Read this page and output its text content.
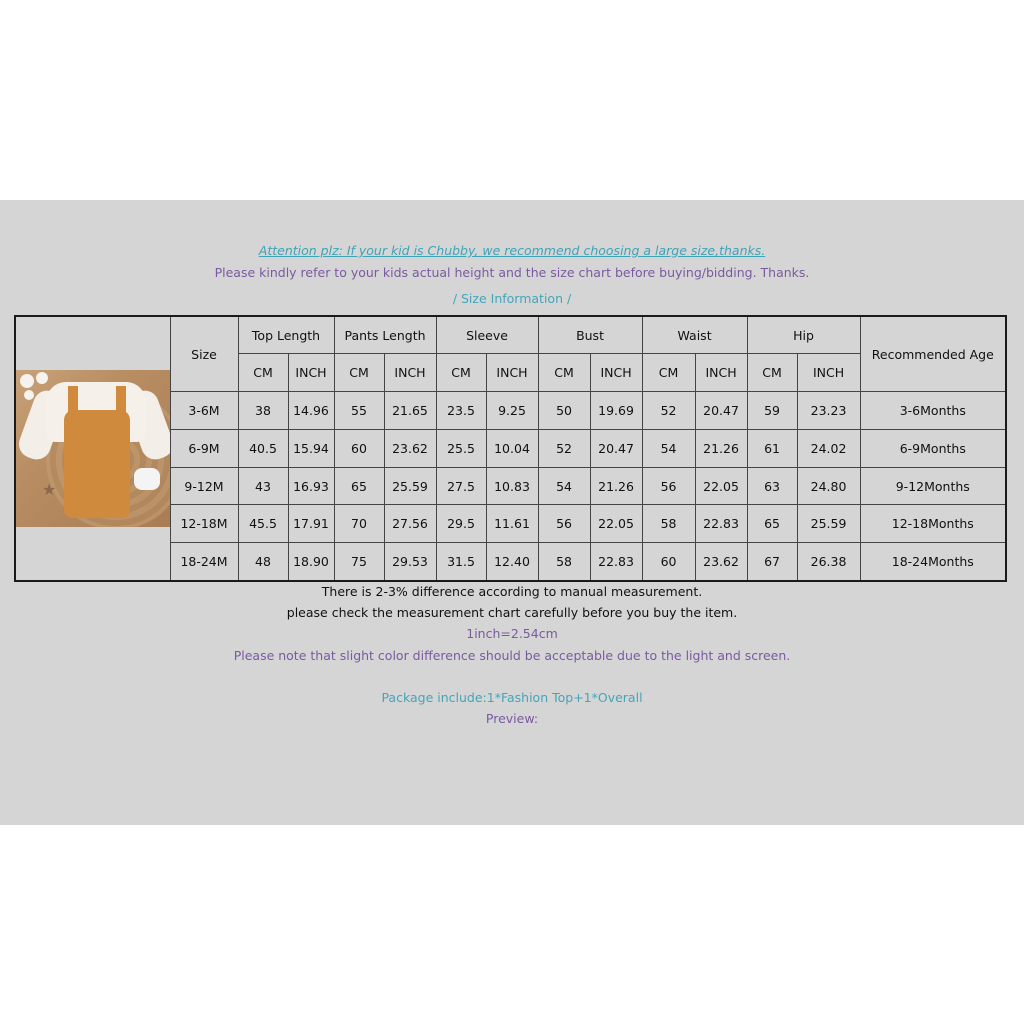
Attention plz: If your kid is Chubby, we recommend choosing a large size,thanks.
Please kindly refer to your kids actual height and the size chart before buying/bidding. Thanks.
/ Size Information /
★	Size	Top Length		Pants Length		Sleeve		Bust		Waist		Hip		Recommended Age
		CM	INCH	CM	INCH	CM	INCH	CM	INCH	CM	INCH	CM	INCH	
	3-6M	38	14.96	55	21.65	23.5	9.25	50	19.69	52	20.47	59	23.23	3-6Months
	6-9M	40.5	15.94	60	23.62	25.5	10.04	52	20.47	54	21.26	61	24.02	6-9Months
	9-12M	43	16.93	65	25.59	27.5	10.83	54	21.26	56	22.05	63	24.80	9-12Months
	12-18M	45.5	17.91	70	27.56	29.5	11.61	56	22.05	58	22.83	65	25.59	12-18Months
	18-24M	48	18.90	75	29.53	31.5	12.40	58	22.83	60	23.62	67	26.38	18-24Months
There is 2-3% difference according to manual measurement.
please check the measurement chart carefully before you buy the item.
1inch=2.54cm
Please note that slight color difference should be acceptable due to the light and screen.
Package include:1*Fashion Top+1*Overall
Preview:
